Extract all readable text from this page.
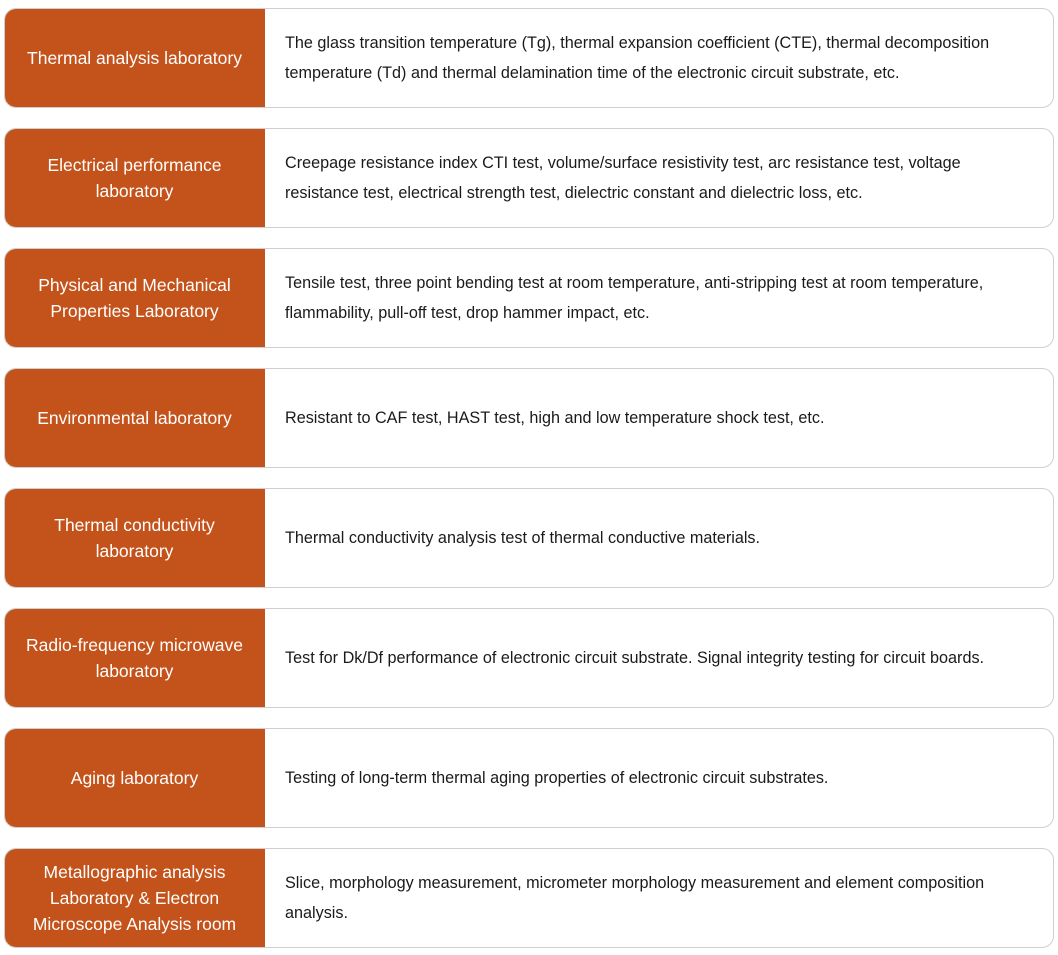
Thermal analysis laboratory
The glass transition temperature (Tg), thermal expansion coefficient (CTE), thermal decomposition temperature (Td) and thermal delamination time of the electronic circuit substrate, etc.
Electrical performance laboratory
Creepage resistance index CTI test, volume/surface resistivity test, arc resistance test, voltage resistance test, electrical strength test, dielectric constant and dielectric loss, etc.
Physical and Mechanical Properties Laboratory
Tensile test, three point bending test at room temperature, anti-stripping test at room temperature, flammability, pull-off test, drop hammer impact, etc.
Environmental laboratory	Resistant to CAF test, HAST test, high and low temperature shock test, etc.
Thermal conductivity laboratory
Thermal conductivity analysis test of thermal conductive materials.
Radio-frequency microwave laboratory
Test for Dk/Df performance of electronic circuit substrate. Signal integrity testing for circuit boards.
Aging laboratory	Testing of long-term thermal aging properties of electronic circuit substrates.
Metallographic analysis Laboratory & Electron Microscope Analysis room
Slice, morphology measurement, micrometer morphology measurement and element composition analysis.
